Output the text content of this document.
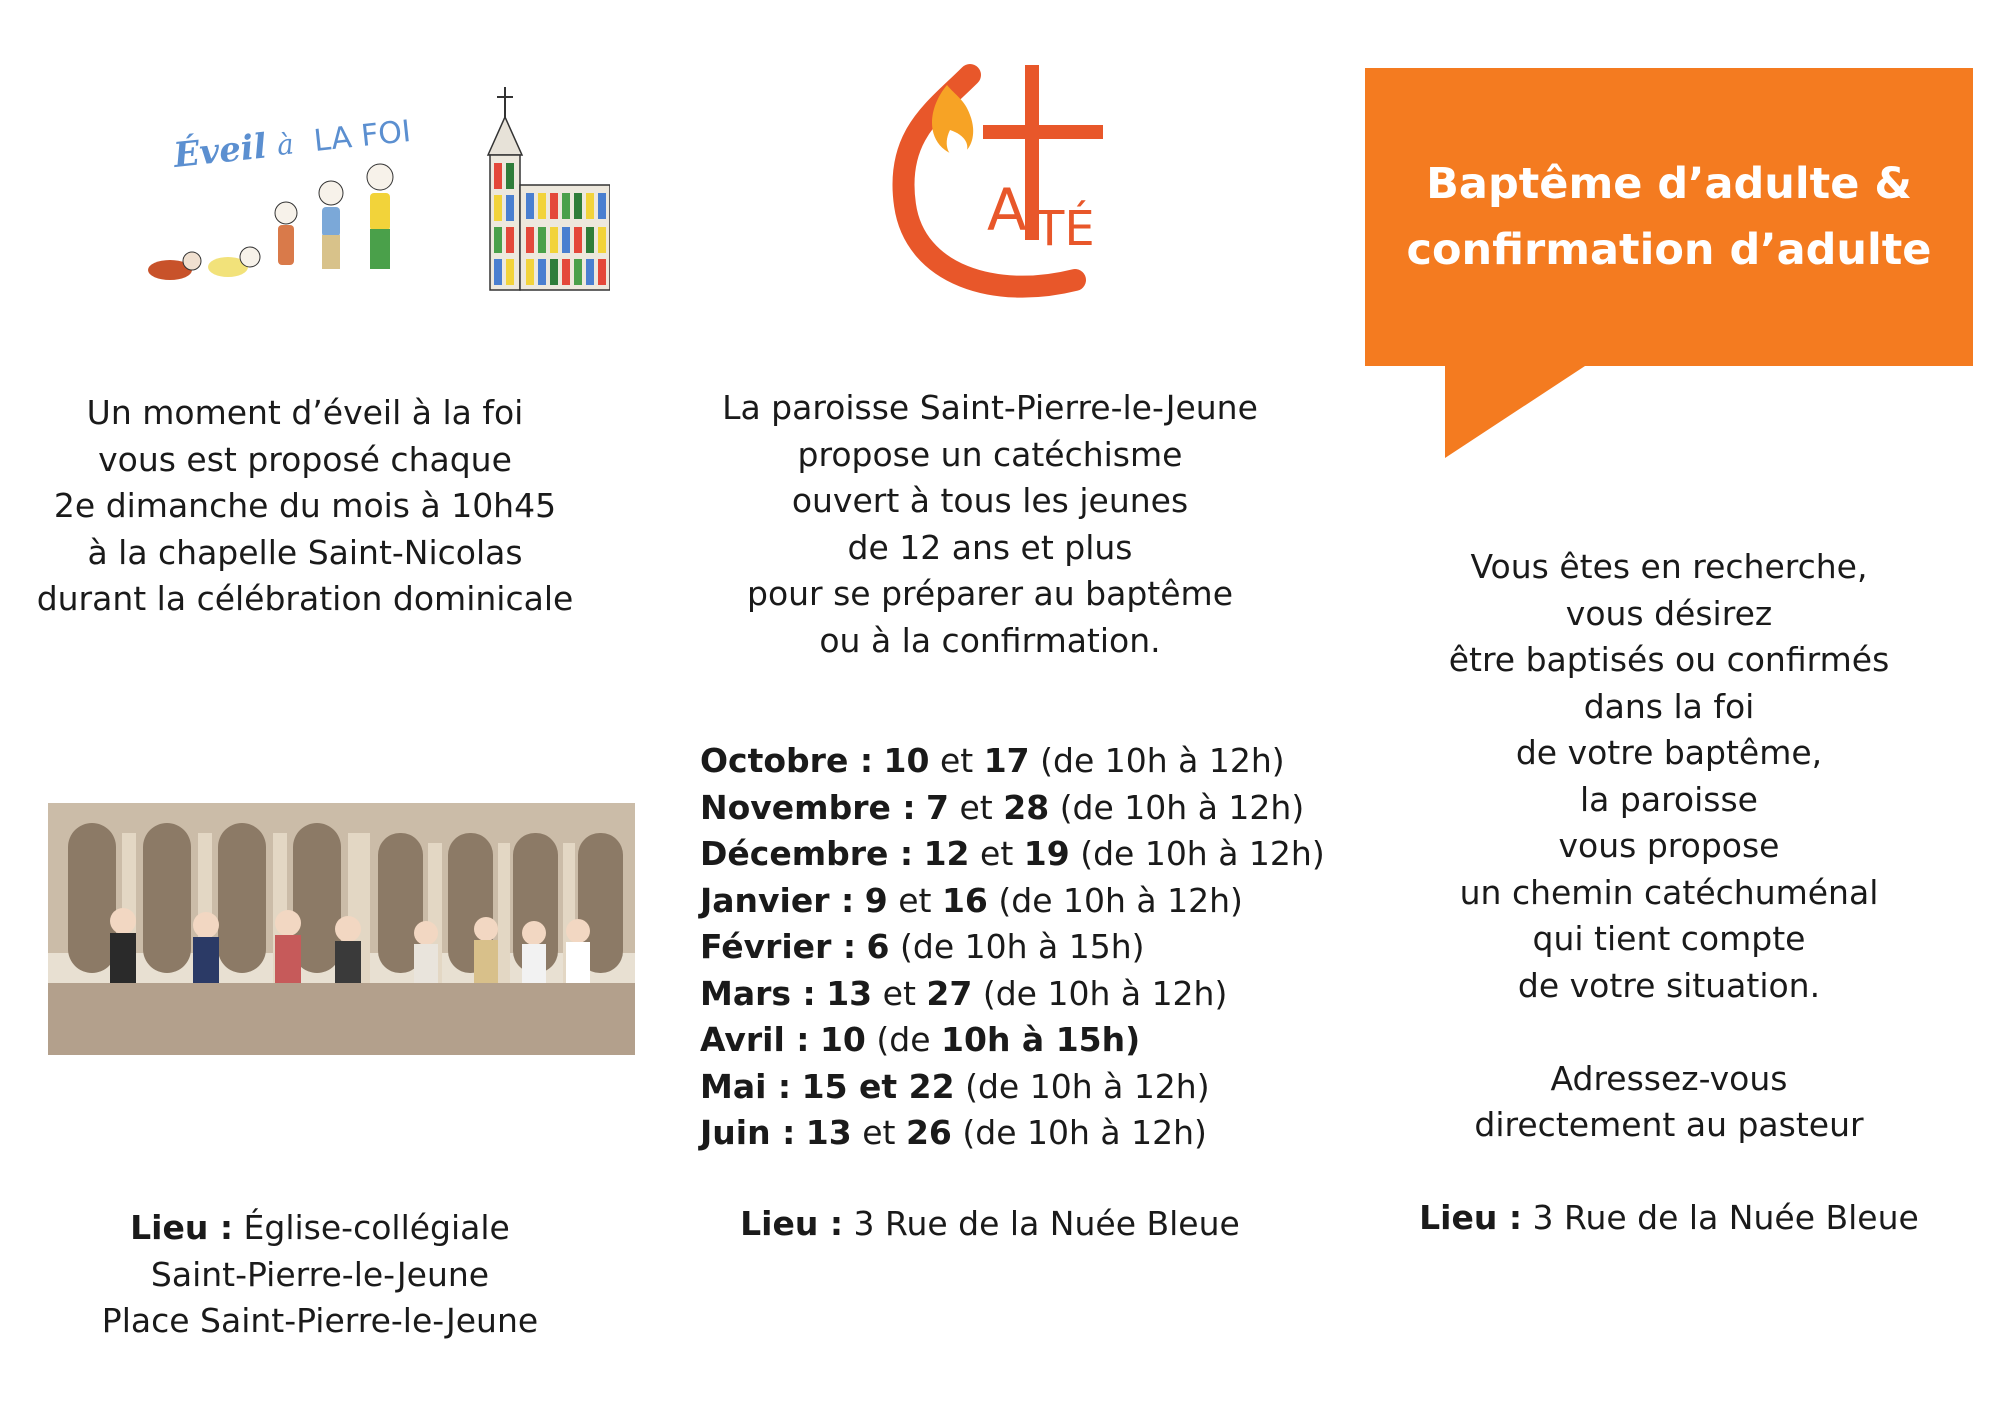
Éveil à LA FOI
Un moment d’éveil à la foi
vous est proposé chaque
2e dimanche du mois à 10h45
à la chapelle Saint-Nicolas
durant la célébration dominicale
Lieu : Église-collégiale
Saint-Pierre-le-Jeune
Place Saint-Pierre-le-Jeune
A TÉ
La paroisse Saint-Pierre-le-Jeune
propose un catéchisme
ouvert à tous les jeunes
de 12 ans et plus
pour se préparer au baptême
ou à la confirmation.
Octobre : 10 et 17 (de 10h à 12h)
Novembre : 7 et 28 (de 10h à 12h)
Décembre : 12 et 19 (de 10h à 12h)
Janvier : 9 et 16 (de 10h à 12h)
Février : 6 (de 10h à 15h)
Mars : 13 et 27 (de 10h à 12h)
Avril : 10 (de 10h à 15h)
Mai : 15 et 22 (de 10h à 12h)
Juin : 13 et 26 (de 10h à 12h)
Lieu : 3 Rue de la Nuée Bleue
Baptême d’adulte &
confirmation d’adulte
Vous êtes en recherche,
vous désirez
être baptisés ou confirmés
dans la foi
de votre baptême,
la paroisse
vous propose
un chemin catéchuménal
qui tient compte
de votre situation.

Adressez-vous
directement au pasteur
Lieu : 3 Rue de la Nuée Bleue
